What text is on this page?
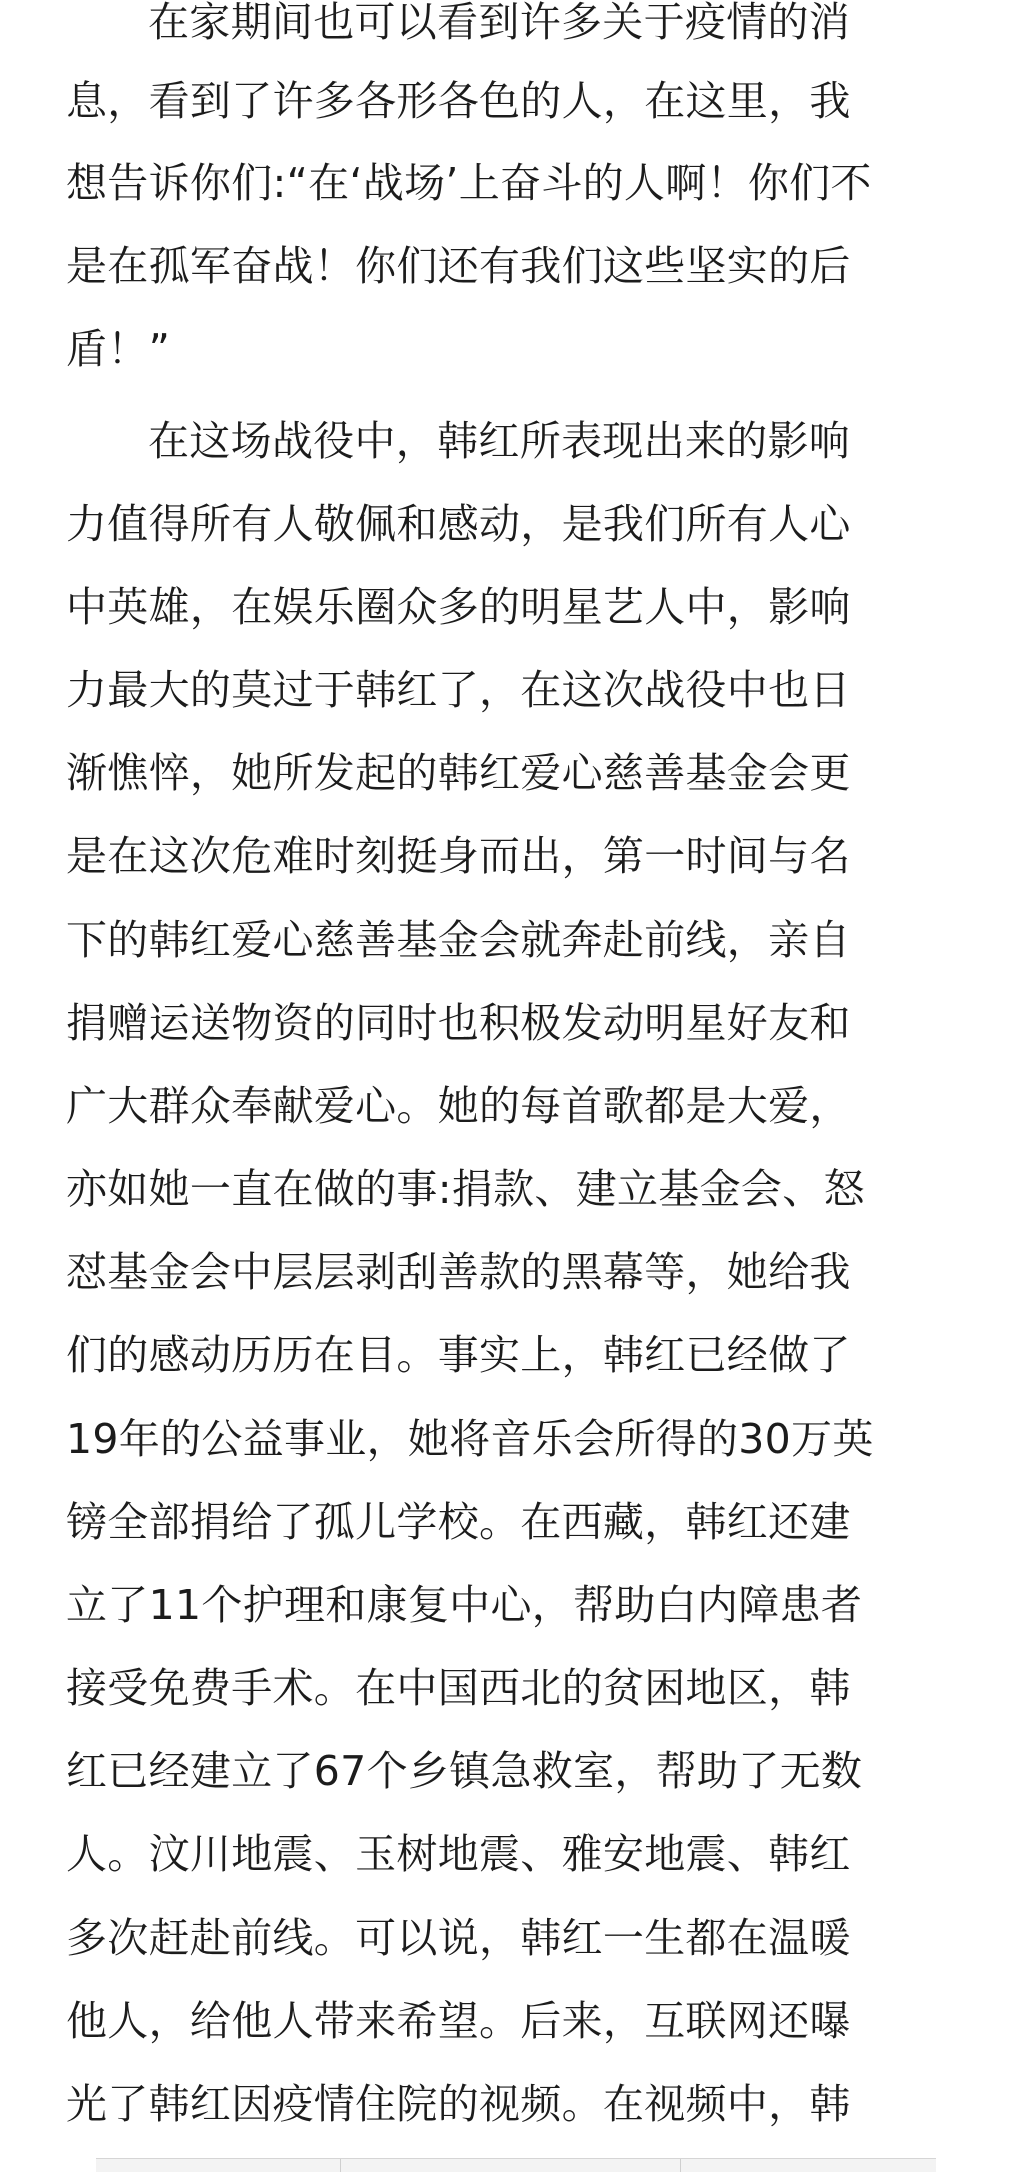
在家期间也可以看到许多关于疫情的消
息，看到了许多各形各色的人，在这里，我
想告诉你们:“在‘战场’上奋斗的人啊！你们不
是在孤军奋战！你们还有我们这些坚实的后
盾！”
在这场战役中，韩红所表现出来的影响
力值得所有人敬佩和感动，是我们所有人心
中英雄，在娱乐圈众多的明星艺人中，影响
力最大的莫过于韩红了，在这次战役中也日
渐憔悴，她所发起的韩红爱心慈善基金会更
是在这次危难时刻挺身而出，第一时间与名
下的韩红爱心慈善基金会就奔赴前线，亲自
捐赠运送物资的同时也积极发动明星好友和
广大群众奉献爱心。她的每首歌都是大爱，
亦如她一直在做的事:捐款、建立基金会、怒
怼基金会中层层剥刮善款的黑幕等，她给我
们的感动历历在目。事实上，韩红已经做了
19年的公益事业，她将音乐会所得的30万英
镑全部捐给了孤儿学校。在西藏，韩红还建
立了11个护理和康复中心，帮助白内障患者
接受免费手术。在中国西北的贫困地区，韩
红已经建立了67个乡镇急救室，帮助了无数
人。汶川地震、玉树地震、雅安地震、韩红
多次赶赴前线。可以说，韩红一生都在温暖
他人，给他人带来希望。后来，互联网还曝
光了韩红因疫情住院的视频。在视频中，韩
